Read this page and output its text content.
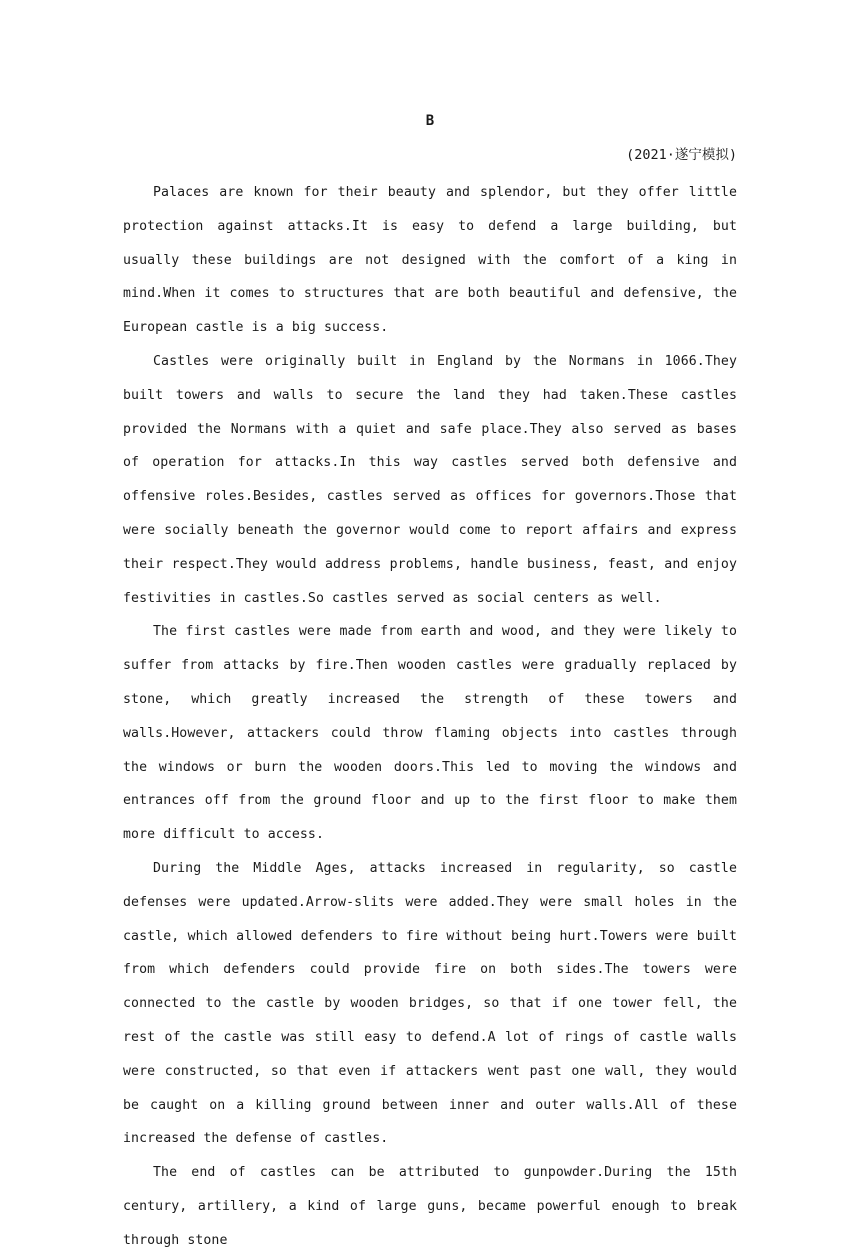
B

(2021·遂宁模拟)

Palaces are known for their beauty and splendor, but they offer little protection against attacks.It is easy to defend a large building, but usually these buildings are not designed with the comfort of a king in mind.When it comes to structures that are both beautiful and defensive, the European castle is a big success.

Castles were originally built in England by the Normans in 1066.They built towers and walls to secure the land they had taken.These castles provided the Normans with a quiet and safe place.They also served as bases of operation for attacks.In this way castles served both defensive and offensive roles.Besides, castles served as offices for governors.Those that were socially beneath the governor would come to report affairs and express their respect.They would address problems, handle business, feast, and enjoy festivities in castles.So castles served as social centers as well.

The first castles were made from earth and wood, and they were likely to suffer from attacks by fire.Then wooden castles were gradually replaced by stone, which greatly increased the strength of these towers and walls.However, attackers could throw flaming objects into castles through the windows or burn the wooden doors.This led to moving the windows and entrances off from the ground floor and up to the first floor to make them more difficult to access.

During the Middle Ages, attacks increased in regularity, so castle defenses were updated.Arrow-slits were added.They were small holes in the castle, which allowed defenders to fire without being hurt.Towers were built from which defenders could provide fire on both sides.The towers were connected to the castle by wooden bridges, so that if one tower fell, the rest of the castle was still easy to defend.A lot of rings of castle walls were constructed, so that even if attackers went past one wall, they would be caught on a killing ground between inner and outer walls.All of these increased the defense of castles.

The end of castles can be attributed to gunpowder.During the 15th century, artillery, a kind of large guns, became powerful enough to break through stone
